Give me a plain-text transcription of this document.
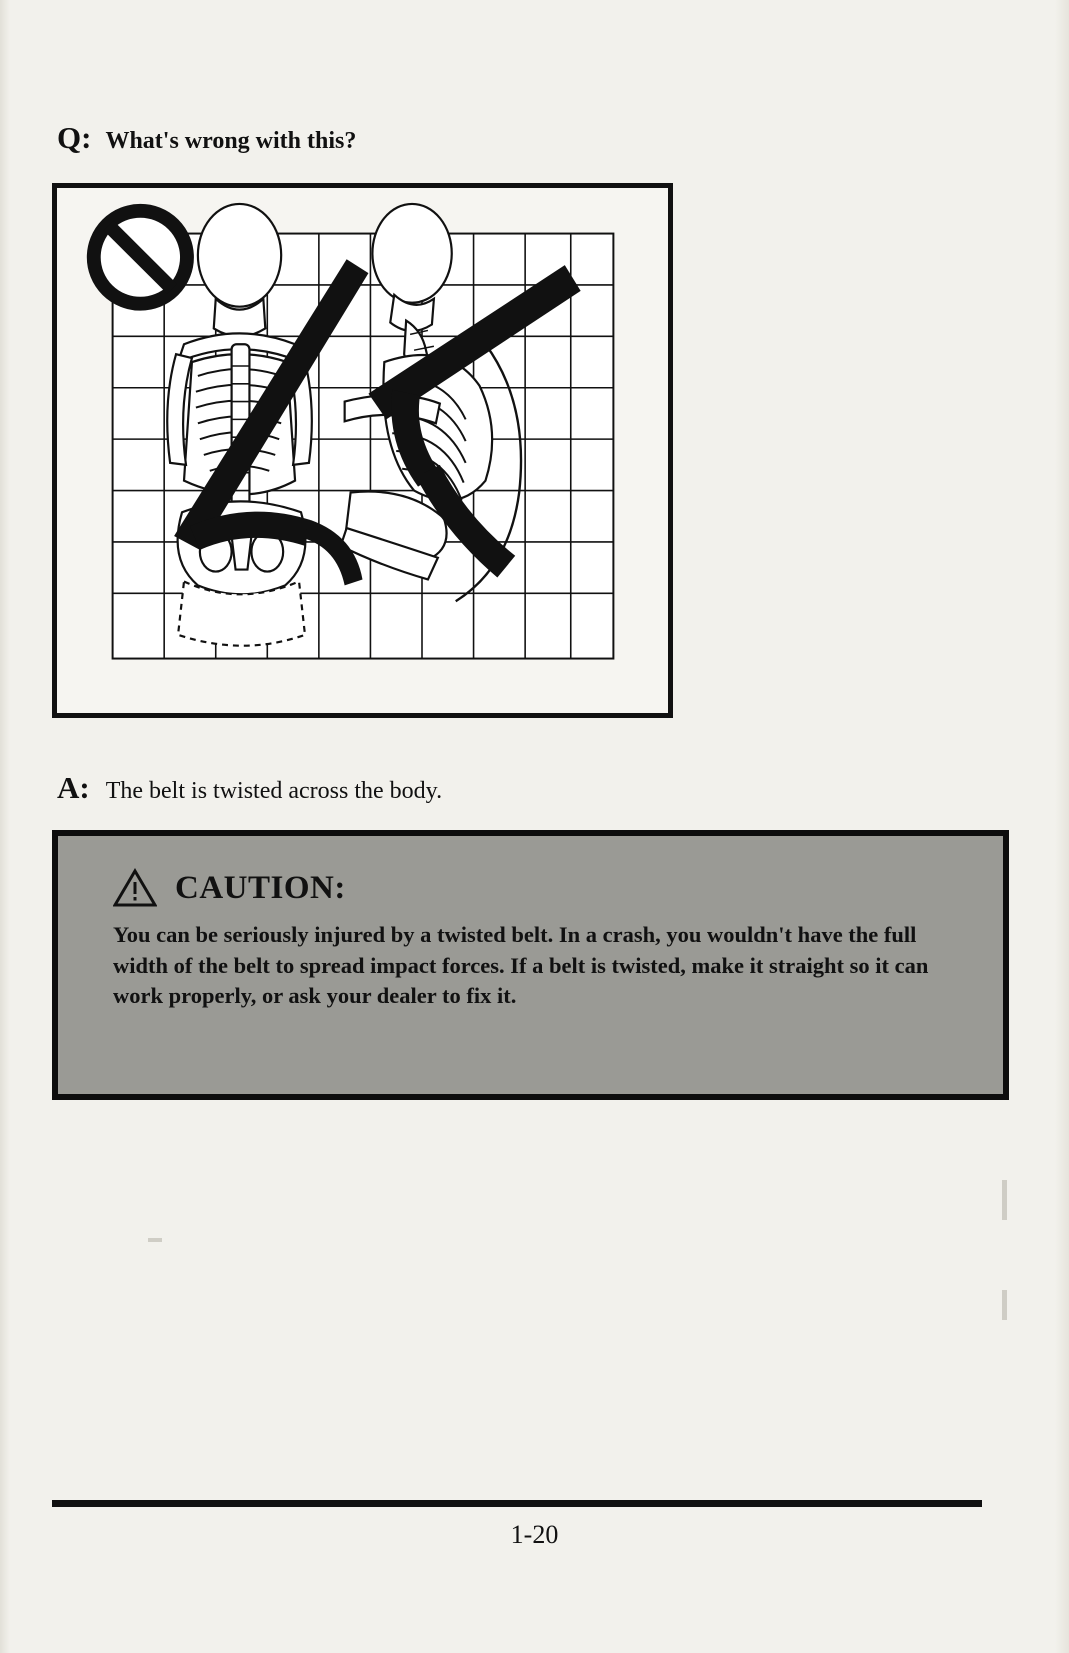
Q: What's wrong with this?
A: The belt is twisted across the body.
CAUTION:
You can be seriously injured by a twisted belt. In a crash, you wouldn't have the full width of the belt to spread impact forces. If a belt is twisted, make it straight so it can work properly, or ask your dealer to fix it.
1-20
